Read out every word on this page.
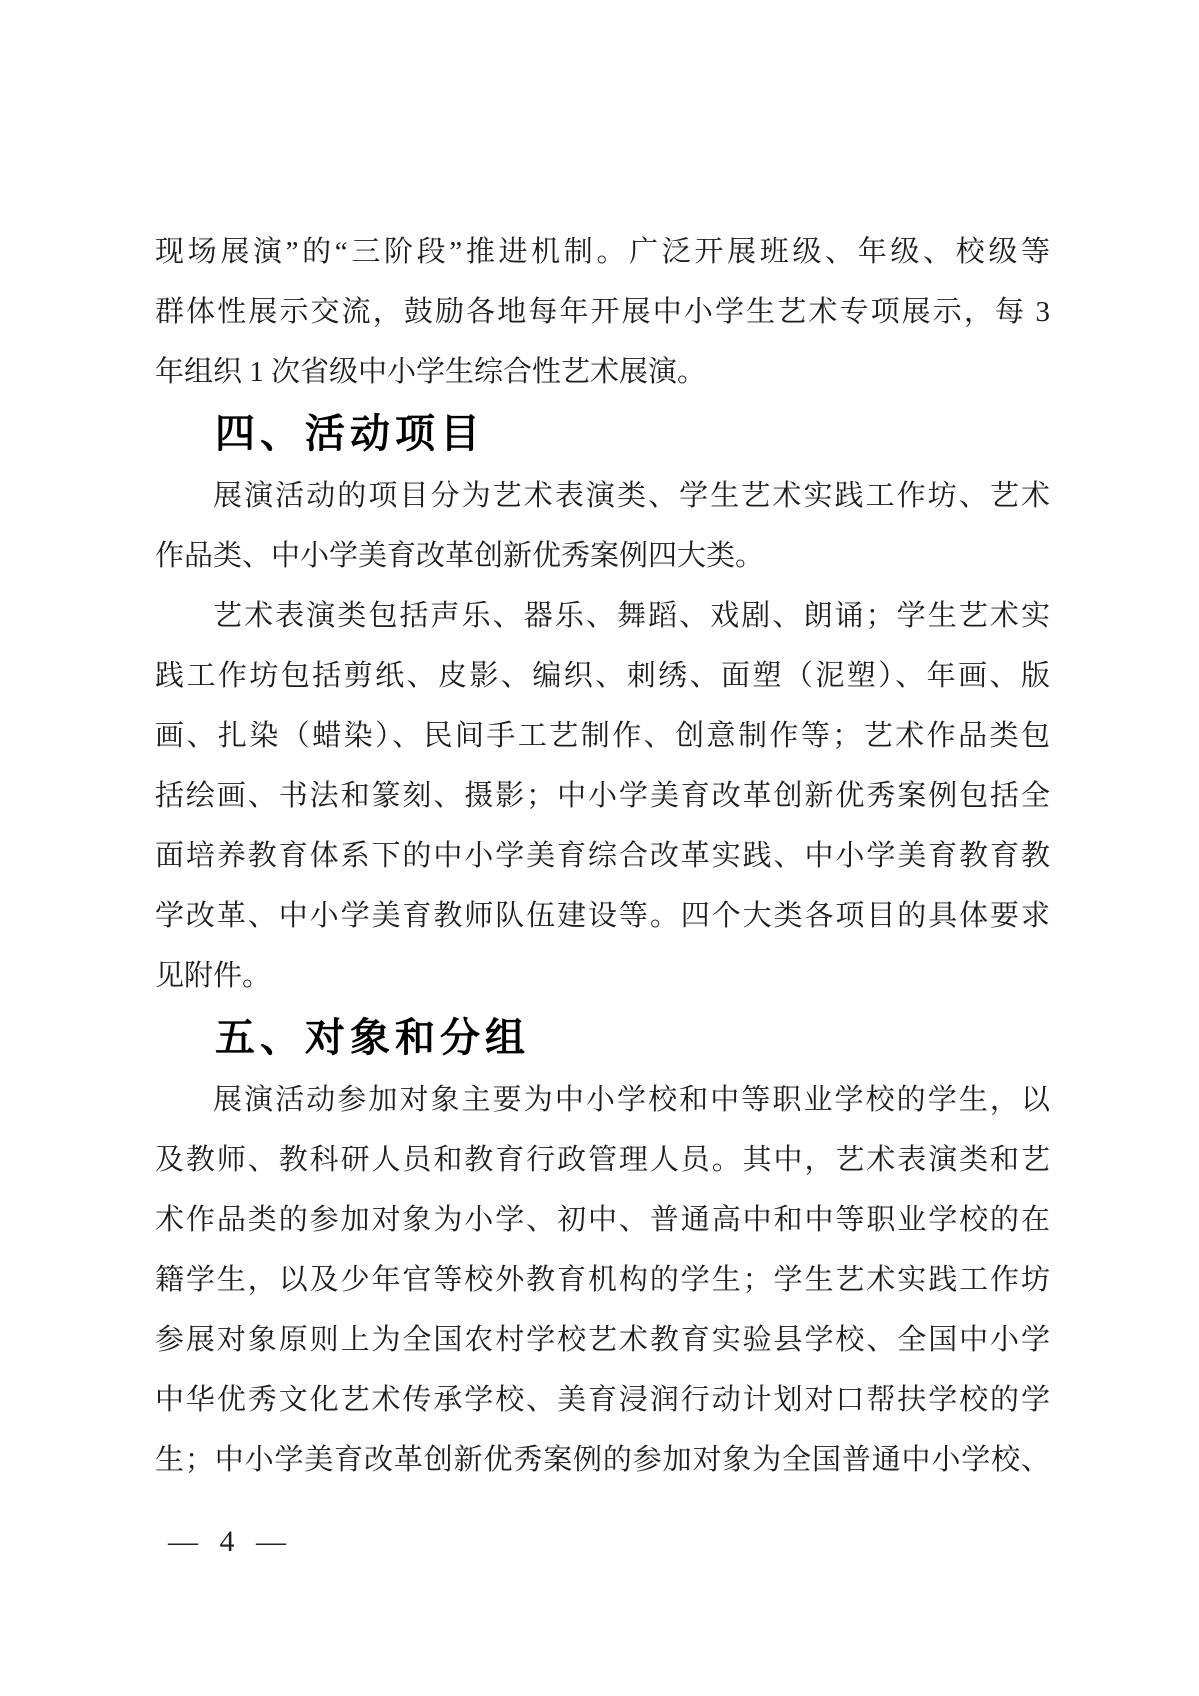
现场展演”的“三阶段”推进机制。广泛开展班级、年级、校级等
群体性展示交流，鼓励各地每年开展中小学生艺术专项展示，每 3
年组织 1 次省级中小学生综合性艺术展演。
四、活动项目
展演活动的项目分为艺术表演类、学生艺术实践工作坊、艺术
作品类、中小学美育改革创新优秀案例四大类。
艺术表演类包括声乐、器乐、舞蹈、戏剧、朗诵；学生艺术实
践工作坊包括剪纸、皮影、编织、刺绣、面塑（泥塑）、年画、版
画、扎染（蜡染）、民间手工艺制作、创意制作等；艺术作品类包
括绘画、书法和篆刻、摄影；中小学美育改革创新优秀案例包括全
面培养教育体系下的中小学美育综合改革实践、中小学美育教育教
学改革、中小学美育教师队伍建设等。四个大类各项目的具体要求
见附件。
五、对象和分组
展演活动参加对象主要为中小学校和中等职业学校的学生，以
及教师、教科研人员和教育行政管理人员。其中，艺术表演类和艺
术作品类的参加对象为小学、初中、普通高中和中等职业学校的在
籍学生，以及少年官等校外教育机构的学生；学生艺术实践工作坊
参展对象原则上为全国农村学校艺术教育实验县学校、全国中小学
中华优秀文化艺术传承学校、美育浸润行动计划对口帮扶学校的学
生；中小学美育改革创新优秀案例的参加对象为全国普通中小学校、
— 4 —
